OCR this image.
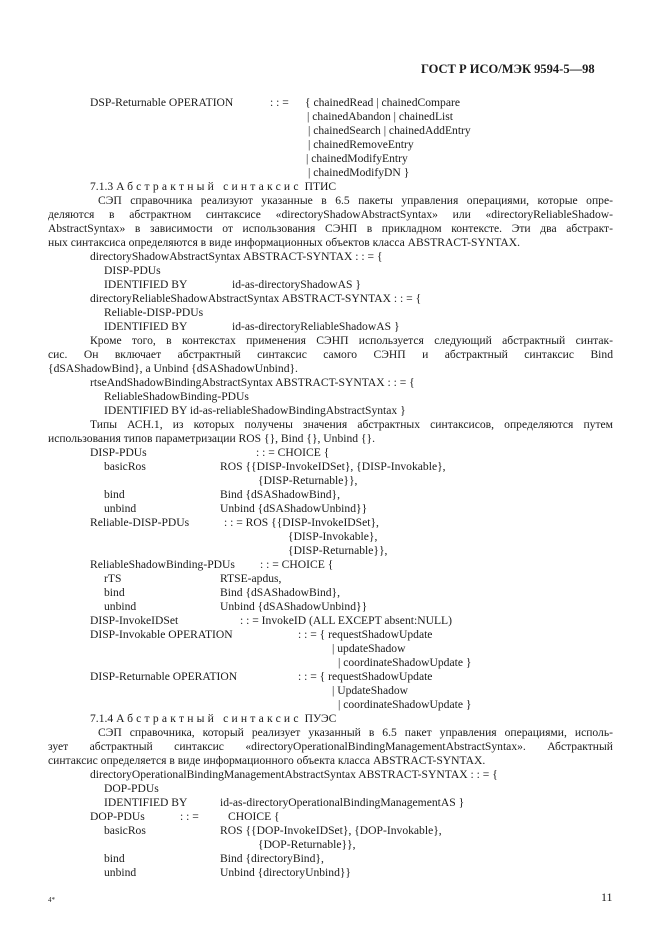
ГОСТ Р ИСО/МЭК 9594-5—98
DSP-Returnable OPERATION	: : = { chainedRead | chainedCompare
| chainedAbandon | chainedList
| chainedSearch | chainedAddEntry
| chainedRemoveEntry
| chainedModifyEntry
| chainedModifyDN }
7.1.3 Абстрактный синтаксис ПТИС
СЭП справочника реализуют указанные в 6.5 пакеты управления операциями, которые опре-
деляются в абстрактном синтаксисе «directoryShadowAbstractSyntax» или «directoryReliableShadow-
AbstractSyntax» в зависимости от использования СЭНП в прикладном контексте. Эти два абстракт-
ных синтаксиса определяются в виде информационных объектов класса ABSTRACT-SYNTAX.
directoryShadowAbstractSyntax ABSTRACT-SYNTAX : : = {
DISP-PDUs
IDENTIFIED BY	id-as-directoryShadowAS }
directoryReliableShadowAbstractSyntax ABSTRACT-SYNTAX : : = {
Reliable-DISP-PDUs
IDENTIFIED BY	id-as-directoryReliableShadowAS }
Кроме того, в контекстах применения СЭНП используется следующий абстрактный синтак-
сис. Он включает абстрактный синтаксис самого СЭНП и абстрактный синтаксис Bind
{dSAShadowBind}, a Unbind {dSAShadowUnbind}.
rtseAndShadowBindingAbstractSyntax ABSTRACT-SYNTAX : : = {
ReliableShadowBinding-PDUs
IDENTIFIED BY id-as-reliableShadowBindingAbstractSyntax }
Типы АСН.1, из которых получены значения абстрактных синтаксисов, определяются путем
использования типов параметризации ROS {}, Bind {}, Unbind {}.
DISP-PDUs	: : = CHOICE {
basicRos	ROS {{DISP-InvokeIDSet}, {DISP-Invokable},
{DISP-Returnable}},
bind	Bind {dSAShadowBind},
unbind	Unbind {dSAShadowUnbind}}
Reliable-DISP-PDUs	: : = ROS {{DISP-InvokeIDSet},
{DISP-Invokable},
{DISP-Returnable}},
ReliableShadowBinding-PDUs : : = CHOICE {
rTS	RTSE-apdus,
bind	Bind {dSAShadowBind},
unbind	Unbind {dSAShadowUnbind}}
DISP-InvokeIDSet	: : = InvokeID (ALL EXCEPT absent:NULL)
DISP-Invokable OPERATION	: : = { requestShadowUpdate
| updateShadow
| coordinateShadowUpdate }
DISP-Returnable OPERATION	: : = { requestShadowUpdate
| UpdateShadow
| coordinateShadowUpdate }
7.1.4 Абстрактный синтаксис ПУЭС
СЭП справочника, который реализует указанный в 6.5 пакет управления операциями, исполь-
зует абстрактный синтаксис «directoryOperationalBindingManagementAbstractSyntax». Абстрактный
синтаксис определяется в виде информационного объекта класса ABSTRACT-SYNTAX.
directoryOperationalBindingManagementAbstractSyntax ABSTRACT-SYNTAX : : = {
DOP-PDUs
IDENTIFIED BY	id-as-directoryOperationalBindingManagementAS }
DOP-PDUs	: : =	CHOICE {
basicRos	ROS {{DOP-InvokeIDSet}, {DOP-Invokable},
{DOP-Returnable}},
bind	Bind {directoryBind},
unbind	Unbind {directoryUnbind}}
4*	11
